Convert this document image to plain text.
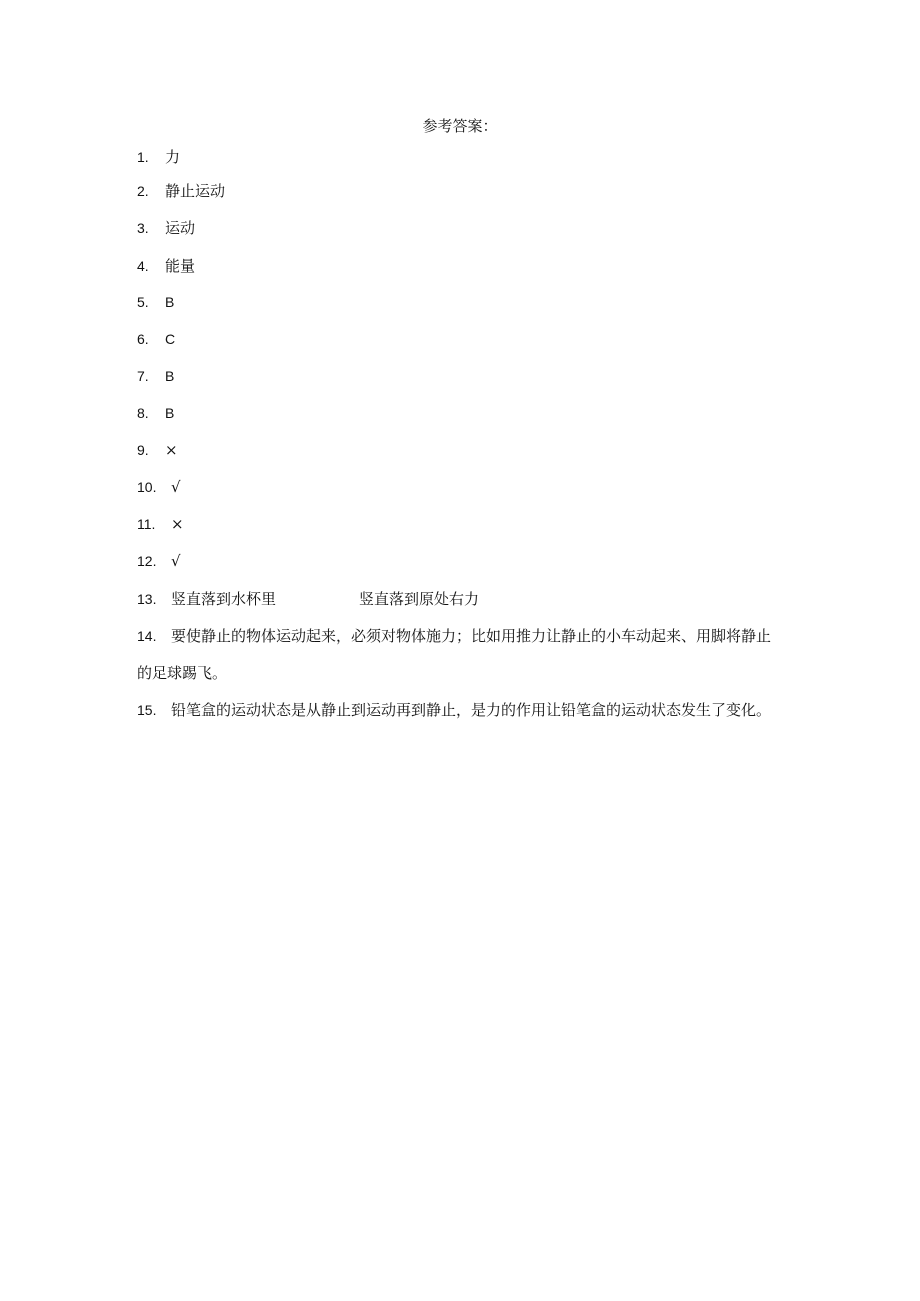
参考答案：
1. 力
2. 静止运动
3. 运动
4. 能量
5. B
6. C
7. B
8. B
9. ×
10. √
11. ×
12. √
13. 竖直落到水杯里	竖直落到原处右力
14. 要使静止的物体运动起来，必须对物体施力；比如用推力让静止的小车动起来、用脚将静止的足球踢飞。
15. 铅笔盒的运动状态是从静止到运动再到静止，是力的作用让铅笔盒的运动状态发生了变化。
